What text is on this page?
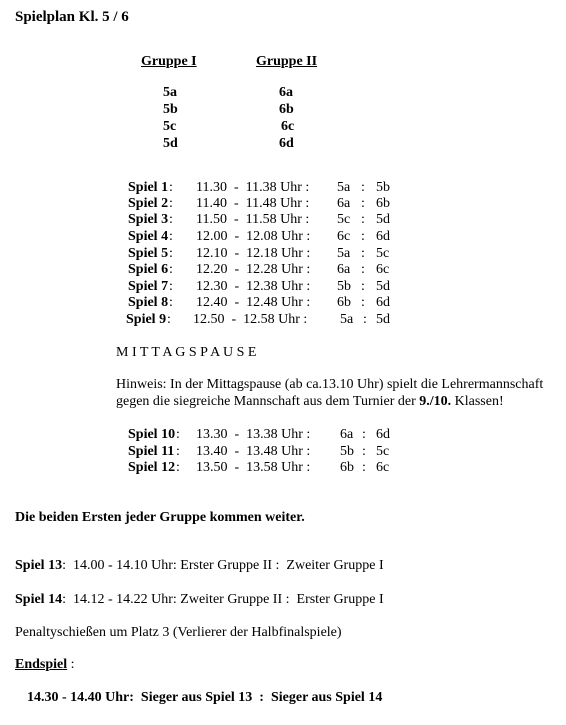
Spielplan Kl. 5 / 6
Gruppe I	Gruppe II
5a
5b
5c
5d
6a
6b
6c
6d

Spiel 1 :

11.30  -  11.38 Uhr :

5a

:

5b

Spiel 2 :

11.40  -  11.48 Uhr :

6a

:

6b

Spiel 3 :

11.50  -  11.58 Uhr :

5c

:

5d

Spiel 4 :

12.00  -  12.08 Uhr :

6c

:

6d

Spiel 5 :

12.10  -  12.18 Uhr :

5a

:

5c

Spiel 6 :

12.20  -  12.28 Uhr :

6a

:

6c

Spiel 7 :

12.30  -  12.38 Uhr :

5b

:

5d

Spiel 8 :

12.40  -  12.48 Uhr :

6b

:

6d

Spiel 9 :

12.50  -  12.58 Uhr :

5a

:

5d

M I T T A G S P A U S E
Hinweis: In der Mittagspause (ab ca.13.10 Uhr) spielt die Lehrermannschaft
gegen die siegreiche Mannschaft aus dem Turnier der 9./10. Klassen!

Spiel 10 :

13.30  -  13.38 Uhr :

6a

:

6d

Spiel 11 :

13.40  -  13.48 Uhr :

5b

:

5c

Spiel 12 :

13.50  -  13.58 Uhr :

6b

:

6c

Die beiden Ersten jeder Gruppe kommen weiter.
Spiel 13:  14.00 - 14.10 Uhr: Erster Gruppe II :  Zweiter Gruppe I
Spiel 14:  14.12 - 14.22 Uhr: Zweiter Gruppe II :  Erster Gruppe I
Penaltyschießen um Platz 3 (Verlierer der Halbfinalspiele)
Endspiel :
14.30 - 14.40 Uhr:  Sieger aus Spiel 13  :  Sieger aus Spiel 14
